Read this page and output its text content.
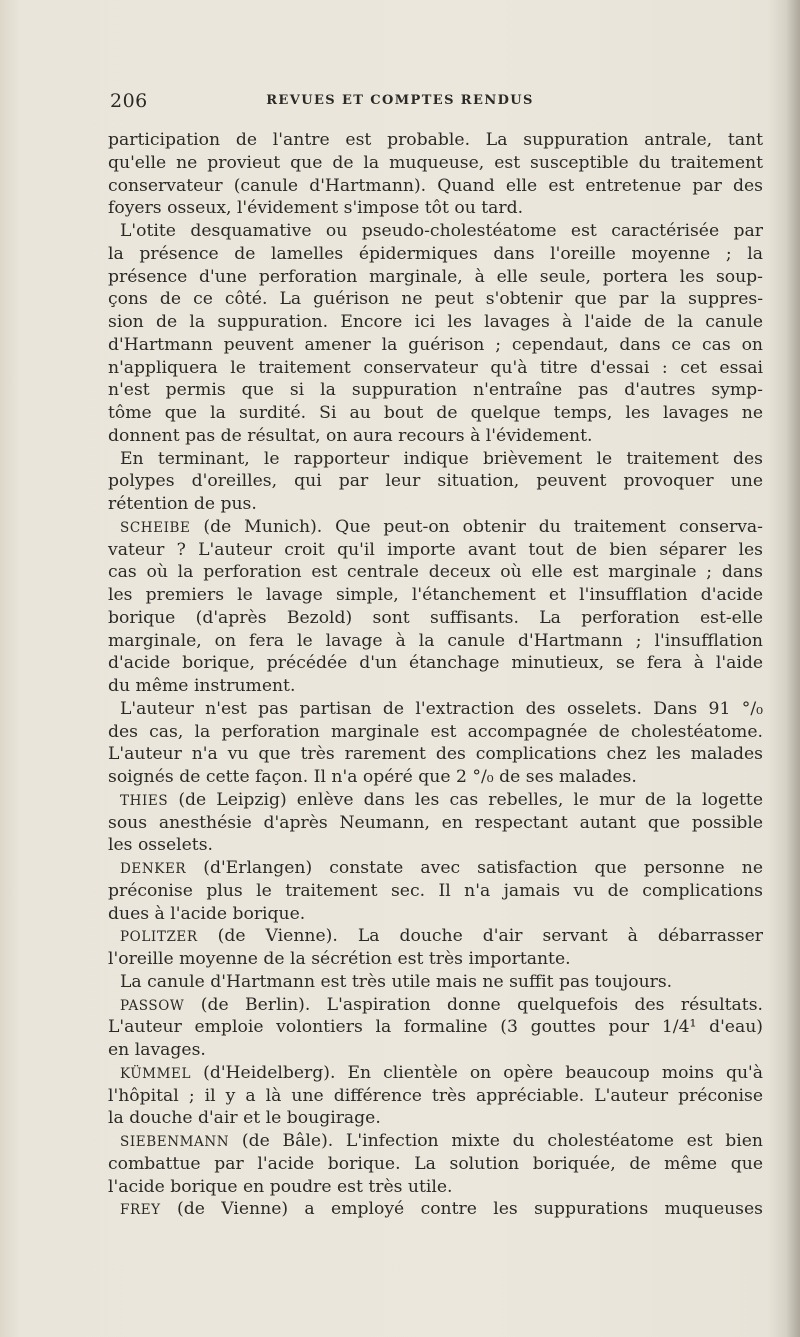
206	REVUES ET COMPTES RENDUS
participation de l'antre est probable. La suppuration antrale, tant
qu'elle ne provieut que de la muqueuse, est susceptible du traitement
conservateur (canule d'Hartmann). Quand elle est entretenue par des
foyers osseux, l'évidement s'impose tôt ou tard.
L'otite desquamative ou pseudo-cholestéatome est caractérisée par
la présence de lamelles épidermiques dans l'oreille moyenne ; la
présence d'une perforation marginale, à elle seule, portera les soup-
çons de ce côté. La guérison ne peut s'obtenir que par la suppres-
sion de la suppuration. Encore ici les lavages à l'aide de la canule
d'Hartmann peuvent amener la guérison ; cependaut, dans ce cas on
n'appliquera le traitement conservateur qu'à titre d'essai : cet essai
n'est permis que si la suppuration n'entraîne pas d'autres symp-
tôme que la surdité. Si au bout de quelque temps, les lavages ne
donnent pas de résultat, on aura recours à l'évidement.
En terminant, le rapporteur indique brièvement le traitement des
polypes d'oreilles, qui par leur situation, peuvent provoquer une
rétention de pus.
SCHEIBE (de Munich). Que peut-on obtenir du traitement conserva-
vateur ? L'auteur croit qu'il importe avant tout de bien séparer les
cas où la perforation est centrale deceux où elle est marginale ; dans
les premiers le lavage simple, l'étanchement et l'insufflation d'acide
borique (d'après Bezold) sont suffisants. La perforation est-elle
marginale, on fera le lavage à la canule d'Hartmann ; l'insufflation
d'acide borique, précédée d'un étanchage minutieux, se fera à l'aide
du même instrument.
L'auteur n'est pas partisan de l'extraction des osselets. Dans 91 °/₀
des cas, la perforation marginale est accompagnée de cholestéatome.
L'auteur n'a vu que très rarement des complications chez les malades
soignés de cette façon. Il n'a opéré que 2 °/₀ de ses malades.
THIES (de Leipzig) enlève dans les cas rebelles, le mur de la logette
sous anesthésie d'après Neumann, en respectant autant que possible
les osselets.
DENKER (d'Erlangen) constate avec satisfaction que personne ne
préconise plus le traitement sec. Il n'a jamais vu de complications
dues à l'acide borique.
POLITZER (de Vienne). La douche d'air servant à débarrasser
l'oreille moyenne de la sécrétion est très importante.
La canule d'Hartmann est très utile mais ne suffit pas toujours.
PASSOW (de Berlin). L'aspiration donne quelquefois des résultats.
L'auteur emploie volontiers la formaline (3 gouttes pour 1/4¹ d'eau)
en lavages.
KÜMMEL (d'Heidelberg). En clientèle on opère beaucoup moins qu'à
l'hôpital ; il y a là une différence très appréciable. L'auteur préconise
la douche d'air et le bougirage.
SIEBENMANN (de Bâle). L'infection mixte du cholestéatome est bien
combattue par l'acide borique. La solution boriquée, de même que
l'acide borique en poudre est très utile.
FREY (de Vienne) a employé contre les suppurations muqueuses
